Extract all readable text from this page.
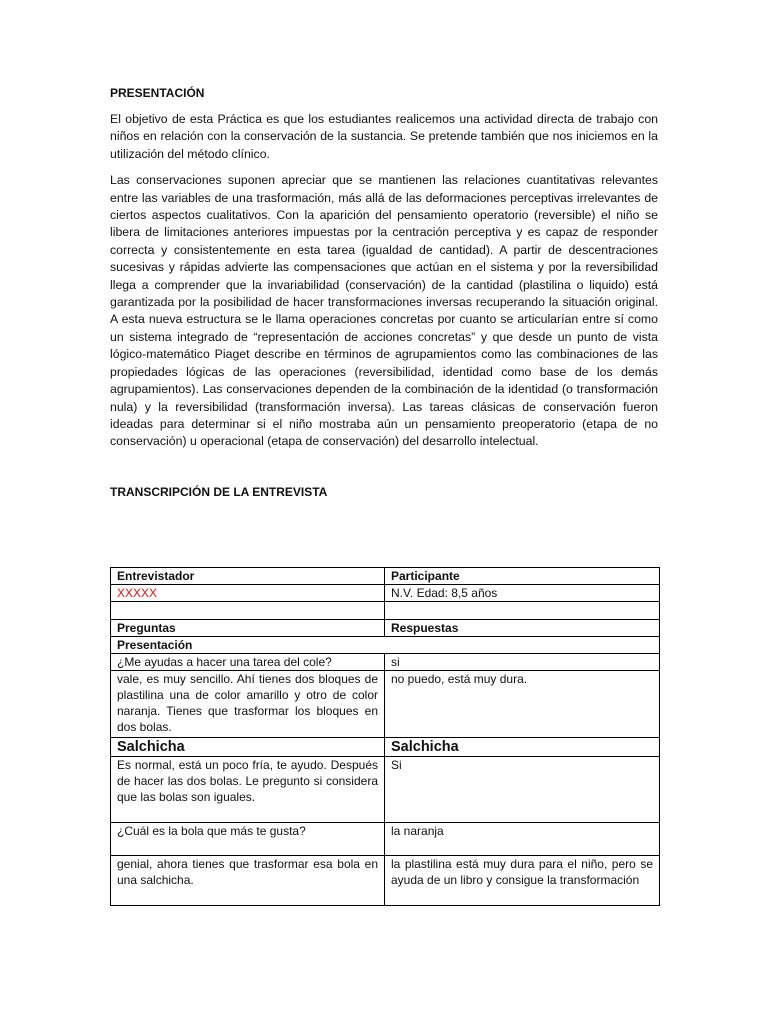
PRESENTACIÓN

El objetivo de esta Práctica es que los estudiantes realicemos una actividad directa de trabajo con niños en relación con la conservación de la sustancia. Se pretende también que nos iniciemos en la utilización del método clínico.

Las conservaciones suponen apreciar que se mantienen las relaciones cuantitativas relevantes entre las variables de una trasformación, más allá de las deformaciones perceptivas irrelevantes de ciertos aspectos cualitativos. Con la aparición del pensamiento operatorio (reversible) el niño se libera de limitaciones anteriores impuestas por la centración perceptiva y es capaz de responder correcta y consistentemente en esta tarea (igualdad de cantidad). A partir de descentraciones sucesivas y rápidas advierte las compensaciones que actúan en el sistema y por la reversibilidad llega a comprender que la invariabilidad (conservación) de la cantidad (plastilina o liquido) está garantizada por la posibilidad de hacer transformaciones inversas recuperando la situación original. A esta nueva estructura se le llama operaciones concretas por cuanto se articularían entre sí como un sistema integrado de “representación de acciones concretas” y que desde un punto de vista lógico-matemático Piaget describe en términos de agrupamientos como las combinaciones de las propiedades lógicas de las operaciones (reversibilidad, identidad como base de los demás agrupamientos). Las conservaciones dependen de la combinación de la identidad (o transformación nula) y la reversibilidad (transformación inversa). Las tareas clásicas de conservación fueron ideadas para determinar si el niño mostraba aún un pensamiento preoperatorio (etapa de no conservación) u operacional (etapa de conservación) del desarrollo intelectual.

TRANSCRIPCIÓN DE LA ENTREVISTA
Entrevistador	Participante
XXXXX	N.V. Edad: 8,5 años

Preguntas	Respuestas
Presentación	
¿Me ayudas a hacer una tarea del cole?	si
vale, es muy sencillo. Ahí tienes dos bloques de plastilina una de color amarillo y otro de color naranja. Tienes que trasformar los bloques en dos bolas.	no puedo, está muy dura.
Salchicha	Salchicha
Es normal, está un poco fría, te ayudo. Después de hacer las dos bolas. Le pregunto si considera que las bolas son iguales.	Si
¿Cuál es la bola que más te gusta?	la naranja
genial, ahora tienes que trasformar esa bola en una salchicha.	la plastilina está muy dura para el niño, pero se ayuda de un libro y consigue la transformación
